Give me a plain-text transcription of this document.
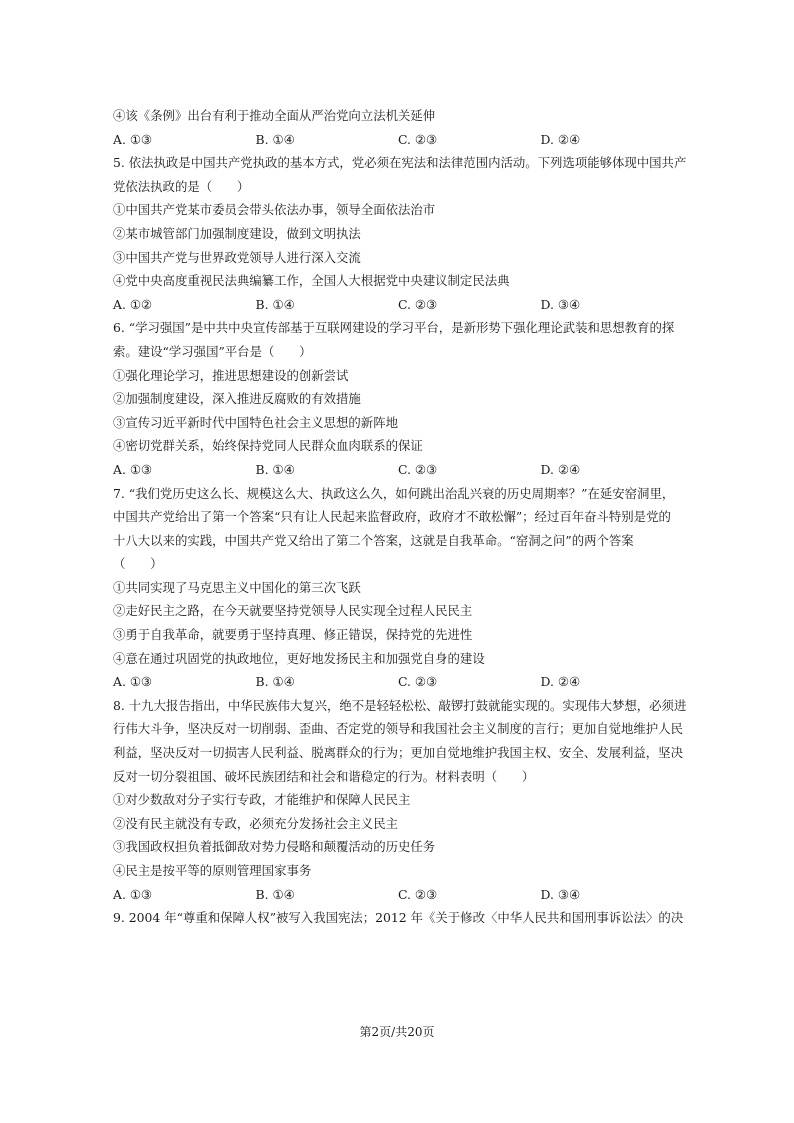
④该《条例》出台有利于推动全面从严治党向立法机关延伸
A. ①③	B. ①④	C. ②③	D. ②④
5. 依法执政是中国共产党执政的基本方式，党必须在宪法和法律范围内活动。下列选项能够体现中国共产
党依法执政的是（　　）
①中国共产党某市委员会带头依法办事，领导全面依法治市
②某市城管部门加强制度建设，做到文明执法
③中国共产党与世界政党领导人进行深入交流
④党中央高度重视民法典编纂工作，全国人大根据党中央建议制定民法典
A. ①②	B. ①④	C. ②③	D. ③④
6. “学习强国”是中共中央宣传部基于互联网建设的学习平台，是新形势下强化理论武装和思想教育的探
索。建设“学习强国”平台是（　　）
①强化理论学习，推进思想建设的创新尝试
②加强制度建设，深入推进反腐败的有效措施
③宣传习近平新时代中国特色社会主义思想的新阵地
④密切党群关系，始终保持党同人民群众血肉联系的保证
A. ①③	B. ①④	C. ②③	D. ②④
7. “我们党历史这么长、规模这么大、执政这么久，如何跳出治乱兴衰的历史周期率？”在延安窑洞里，
中国共产党给出了第一个答案“只有让人民起来监督政府，政府才不敢松懈”；经过百年奋斗特别是党的
十八大以来的实践，中国共产党又给出了第二个答案，这就是自我革命。“窑洞之问”的两个答案
（　　）
①共同实现了马克思主义中国化的第三次飞跃
②走好民主之路，在今天就要坚持党领导人民实现全过程人民民主
③勇于自我革命，就要勇于坚持真理、修正错误，保持党的先进性
④意在通过巩固党的执政地位，更好地发扬民主和加强党自身的建设
A. ①③	B. ①④	C. ②③	D. ②④
8. 十九大报告指出，中华民族伟大复兴，绝不是轻轻松松、敲锣打鼓就能实现的。实现伟大梦想，必须进
行伟大斗争，坚决反对一切削弱、歪曲、否定党的领导和我国社会主义制度的言行；更加自觉地维护人民
利益，坚决反对一切损害人民利益、脱离群众的行为；更加自觉地维护我国主权、安全、发展利益，坚决
反对一切分裂祖国、破坏民族团结和社会和谐稳定的行为。材料表明（　　）
①对少数敌对分子实行专政，才能维护和保障人民民主
②没有民主就没有专政，必须充分发扬社会主义民主
③我国政权担负着抵御敌对势力侵略和颠覆活动的历史任务
④民主是按平等的原则管理国家事务
A. ①③	B. ①④	C. ②③	D. ③④
9. 2004 年“尊重和保障人权”被写入我国宪法；2012 年《关于修改〈中华人民共和国刑事诉讼法〉的决
第2页/共20页
